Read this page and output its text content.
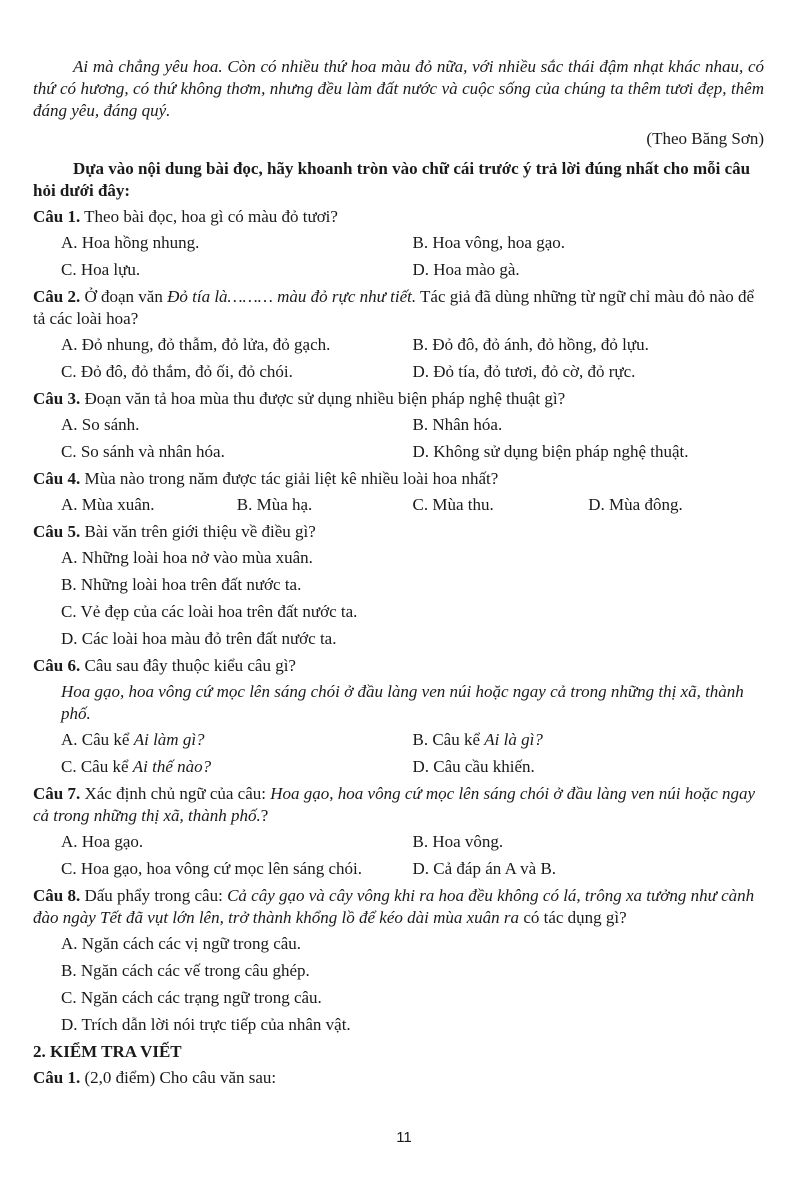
Ai mà chẳng yêu hoa. Còn có nhiều thứ hoa màu đỏ nữa, với nhiều sắc thái đậm nhạt khác nhau, có thứ có hương, có thứ không thơm, nhưng đều làm đất nước và cuộc sống của chúng ta thêm tươi đẹp, thêm đáng yêu, đáng quý.

(Theo Băng Sơn)

Dựa vào nội dung bài đọc, hãy khoanh tròn vào chữ cái trước ý trả lời đúng nhất cho mỗi câu hỏi dưới đây:

Câu 1. Theo bài đọc, hoa gì có màu đỏ tươi?

A. Hoa hồng nhung.	B. Hoa vông, hoa gạo.
C. Hoa lựu.	D. Hoa mào gà.

Câu 2. Ở đoạn văn Đỏ tía là……… màu đỏ rực như tiết. Tác giả đã dùng những từ ngữ chỉ màu đỏ nào để tả các loài hoa?

A. Đỏ nhung, đỏ thẫm, đỏ lửa, đỏ gạch.	B. Đỏ đô, đỏ ánh, đỏ hồng, đỏ lựu.
C. Đỏ đô, đỏ thắm, đỏ ối, đỏ chói.	D. Đỏ tía, đỏ tươi, đỏ cờ, đỏ rực.

Câu 3. Đoạn văn tả hoa mùa thu được sử dụng nhiều biện pháp nghệ thuật gì?

A. So sánh.	B. Nhân hóa.
C. So sánh và nhân hóa.	D. Không sử dụng biện pháp nghệ thuật.

Câu 4. Mùa nào trong năm được tác giải liệt kê nhiều loài hoa nhất?

A. Mùa xuân.	B. Mùa hạ.	C. Mùa thu.	D. Mùa đông.

Câu 5. Bài văn trên giới thiệu về điều gì?

A. Những loài hoa nở vào mùa xuân.
B. Những loài hoa trên đất nước ta.
C. Vẻ đẹp của các loài hoa trên đất nước ta.
D. Các loài hoa màu đỏ trên đất nước ta.

Câu 6. Câu sau đây thuộc kiểu câu gì?

Hoa gạo, hoa vông cứ mọc lên sáng chói ở đầu làng ven núi hoặc ngay cả trong những thị xã, thành phố.

A. Câu kể Ai làm gì?	B. Câu kể Ai là gì?
C. Câu kể Ai thế nào?	D. Câu cầu khiến.

Câu 7. Xác định chủ ngữ của câu: Hoa gạo, hoa vông cứ mọc lên sáng chói ở đầu làng ven núi hoặc ngay cả trong những thị xã, thành phố.?

A. Hoa gạo.	B. Hoa vông.
C. Hoa gạo, hoa vông cứ mọc lên sáng chói.	D. Cả đáp án A và B.

Câu 8. Dấu phẩy trong câu: Cả cây gạo và cây vông khi ra hoa đều không có lá, trông xa tưởng như cành đào ngày Tết đã vụt lớn lên, trở thành khổng lồ để kéo dài mùa xuân ra có tác dụng gì?

A. Ngăn cách các vị ngữ trong câu.
B. Ngăn cách các vế trong câu ghép.
C. Ngăn cách các trạng ngữ trong câu.
D. Trích dẫn lời nói trực tiếp của nhân vật.

2. KIỂM TRA VIẾT

Câu 1. (2,0 điểm) Cho câu văn sau:

11
